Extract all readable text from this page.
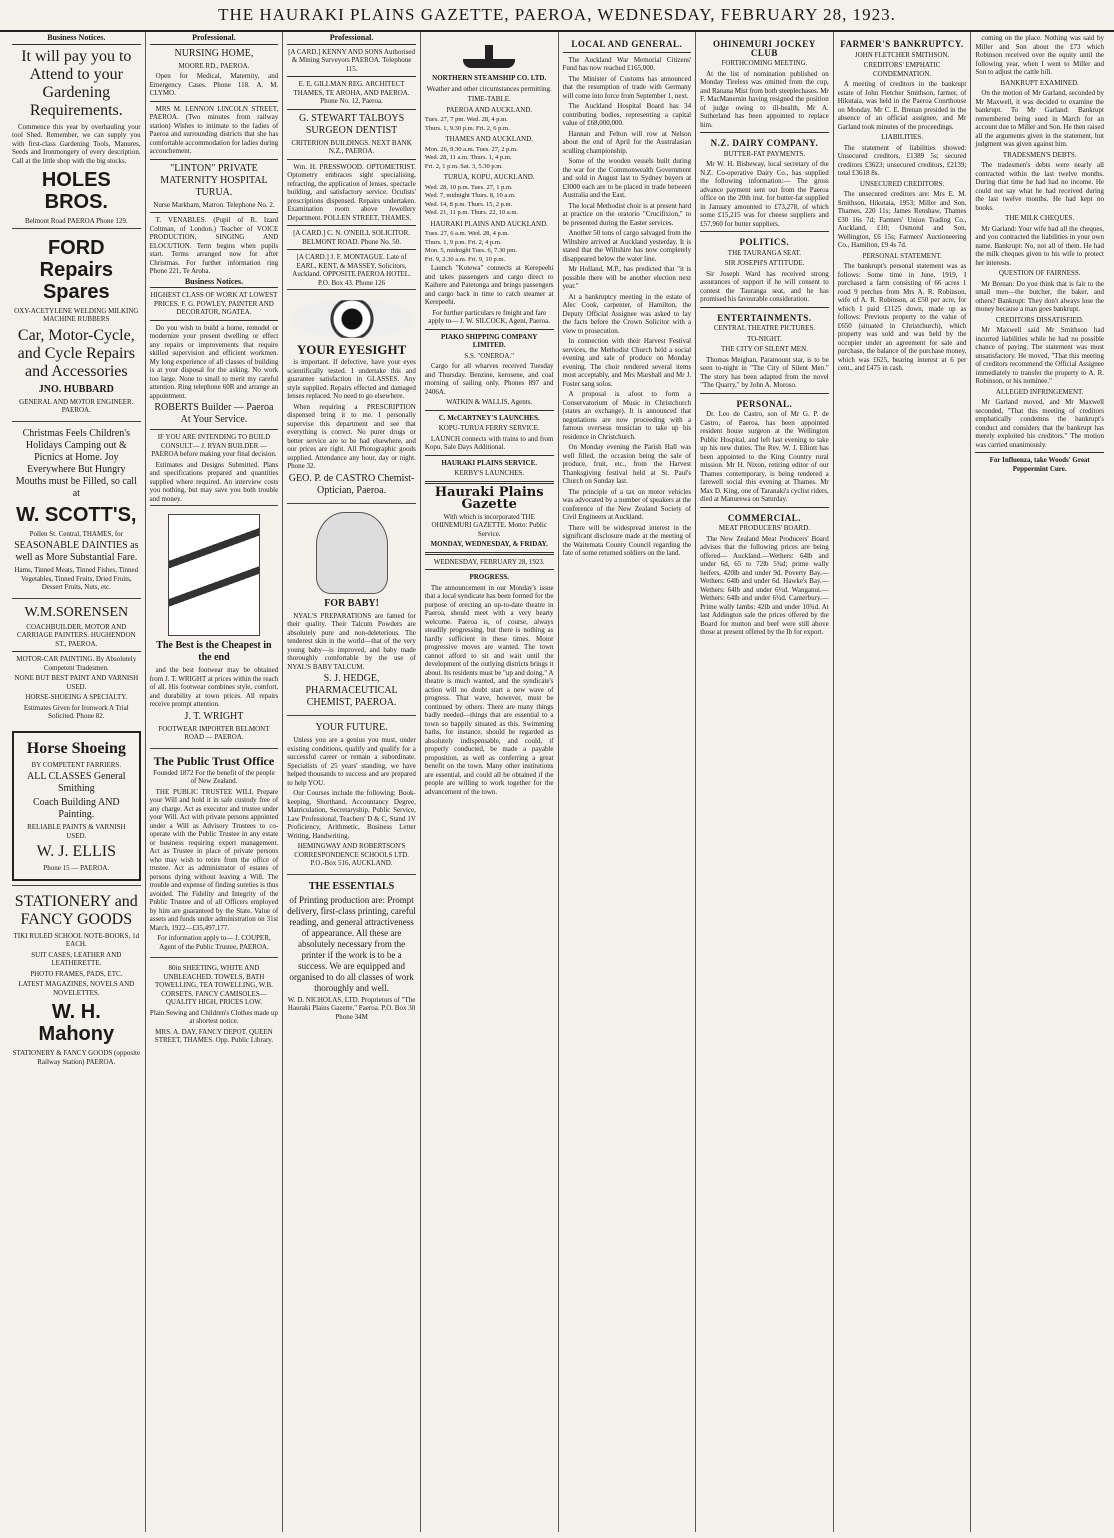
THE HAURAKI PLAINS GAZETTE, PAEROA, WEDNESDAY, FEBRUARY 28, 1923.
Business Notices.
It will pay you to Attend to your Gardening Requirements.

Commence this year by overhauling your tool Shed. Remember, we can supply you with first-class Gardening Tools, Manures, Seeds and Ironmongery of every description. Call at the little shop with the big stocks.

HOLES BROS.
Belmont Road PAEROA Phone 129.
FORD Repairs Spares
OXY-ACETYLENE WELDING MILKING MACHINE RUBBERS
Car, Motor-Cycle, and Cycle Repairs and Accessories
JNO. HUBBARD
GENERAL AND MOTOR ENGINEER. PAEROA.
Christmas Feels Children's Holidays Camping out & Picnics at Home. Joy Everywhere But Hungry Mouths must be Filled, so call at
W. SCOTT'S,
Pollen St. Central, THAMES, for
SEASONABLE DAINTIES as well as More Substantial Fare.
Hams, Tinned Meats, Tinned Fishes, Tinned Vegetables, Tinned Fruits, Dried Fruits, Dessert Fruits, Nuts, etc.
W.M.SORENSEN
COACHBUILDER, MOTOR AND CARRIAGE PAINTERS. HUGHENDON ST., PAEROA.
MOTOR-CAR PAINTING. By Absolutely Competent Tradesmen.
NONE BUT BEST PAINT AND VARNISH USED.
HORSE-SHOEING A SPECIALTY.
Estimates Given for Ironwork A Trial Solicited. Phone 82.
Horse Shoeing
BY COMPETENT FARRIERS.
ALL CLASSES General Smithing
Coach Building AND Painting.
RELIABLE PAINTS & VARNISH USED.
W. J. ELLIS
Phone 15 — PAEROA.
STATIONERY and FANCY GOODS
TIKI RULED SCHOOL NOTE-BOOKS, 1d EACH.
SUIT CASES, LEATHER AND LEATHERETTE.
PHOTO FRAMES, PADS, ETC.
LATEST MAGAZINES, NOVELS AND NOVELETTES.
W. H. Mahony
STATIONERY & FANCY GOODS (opposite Railway Station) PAEROA.
Professional.
NURSING HOME,
MOORE RD., PAEROA.

Open for Medical, Maternity, and Emergency Cases. Phone 118. A. M. CLYMO.

MRS M. LENNON LINCOLN STREET, PAEROA. (Two minutes from railway station) Wishes to intimate to the ladies of Paeroa and surrounding districts that she has comfortable accommodation for ladies during accouchement.

"LINTON" PRIVATE MATERNITY HOSPITAL TURUA.
Nurse Markham, Matron. Telephone No. 2.

T. VENABLES. (Pupil of R. Izard Coltman, of London.) Teacher of VOICE PRODUCTION, SINGING AND ELOCUTION. Term begins when pupils start. Terms arranged now for after Christmas. For further information ring Phone 221, Te Aroha.

Business Notices.
HIGHEST CLASS OF WORK AT LOWEST PRICES. F. G. POWLEY, PAINTER AND DECORATOR, NGATEA.

Do you wish to build a home, remodel or modernize your present dwelling or effect any repairs or improvements that require skilled supervision and efficient workmen. My long experience of all classes of building is at your disposal for the asking. No work too large. None to small to merit my careful attention. Ring telephone 60R and arrange an appointment.

ROBERTS Builder — Paeroa At Your Service.
IF YOU ARE INTENDING TO BUILD CONSULT— J. RYAN BUILDER — PAEROA before making your final decision.

Estimates and Designs Submitted. Plans and specifications prepared and quantities supplied where required. An interview costs you nothing, but may save you both trouble and money.

The Best is the Cheapest in the end

and the best footwear may be obtained from J. T. WRIGHT at prices within the reach of all. His footwear combines style, comfort, and durability at town prices. All repairs receive prompt attention.

J. T. WRIGHT
FOOTWEAR IMPORTER BELMONT ROAD — PAEROA.
The Public Trust Office
Founded 1872 For the benefit of the people of New Zealand.

THE PUBLIC TRUSTEE WILL Prepare your Will and hold it in safe custody free of any charge. Act as executor and trustee under your Will. Act with private persons appointed under a Will as Advisory Trustees to co-operate with the Public Trustee in any estate or business requiring expert management. Act as Trustee in place of private persons who may wish to retire from the office of trustee. Act as administrator of estates of persons dying without leaving a Will. The trouble and expense of finding sureties is thus avoided. The Fidelity and Integrity of the Public Trustee and of all Officers employed by him are guaranteed by the State. Value of assets and funds under administration on 31st March, 1922—£35,497,177.

For information apply to— J. COUPER, Agent of the Public Trustee, PAEROA.
80in SHEETING, WHITE AND UNBLEACHED. TOWELS, BATH TOWELLING, TEA TOWELLING, W.B. CORSETS. FANCY CAMISOLES—QUALITY HIGH, PRICES LOW.
Plain Sewing and Children's Clothes made up at shortest notice.
MRS. A. DAY, FANCY DEPOT. QUEEN STREET, THAMES. Opp. Public Library.
Professional.
[A CARD.] KENNY AND SONS Authorised & Mining Surveyors PAEROA. Telephone 115.
E. E. GILLMAN REG. ARCHITECT THAMES, TE AROHA, AND PAEROA. Phone No. 12, Paeroa.
G. STEWART TALBOYS SURGEON DENTIST
CRITERION BUILDINGS. NEXT BANK N.Z., PAEROA.

Wm. H. PRESSWOOD. OPTOMETRIST. Optometry embraces sight specialising, refracting, the application of lenses, spectacle building, and satisfactory service. Oculists' prescriptions dispensed. Repairs undertaken. Examination room above Jewellery Department. POLLEN STREET, THAMES.

[A CARD.] C. N. O'NEILL SOLICITOR. BELMONT ROAD. Phone No. 50.
[A CARD.] J. F. MONTAGUE. Late of EARL, KENT, & MASSEY, Solicitors, Auckland. OPPOSITE PAEROA HOTEL. P.O. Box 43. Phone 126
YOUR EYESIGHT

is important. If defective, have your eyes scientifically tested. I undertake this and guarantee satisfaction in GLASSES. Any style supplied. Repairs effected and damaged lenses replaced. No need to go elsewhere.

When requiring a PRESCRIPTION dispensed bring it to me. I personally supervise this department and see that everything is correct. No purer drugs or better service are to be had elsewhere, and our prices are right. All Photographic goods supplied. Attendance any hour, day or night. Phone 32.

GEO. P. de CASTRO Chemist-Optician, Paeroa.
FOR BABY!

NYAL'S PREPARATIONS are famed for their quality. Their Talcum Powders are absolutely pure and non-deleterious. The tenderest skin in the world—that of the very young baby—is improved, and baby made thoroughly comfortable by the use of NYAL'S BABY TALCUM.

S. J. HEDGE, PHARMACEUTICAL CHEMIST, PAEROA.
YOUR FUTURE.

Unless you are a genius you must, under existing conditions, qualify and qualify for a successful career or remain a subordinate. Specialists of 25 years' standing, we have helped thousands to success and are prepared to help YOU.

Our Courses include the following: Book-keeping, Shorthand, Accountancy Degree, Matriculation, Secretaryship, Public Service, Law Professional, Teachers' D & C, Stand 1V Proficiency, Arithmetic, Business Letter Writing, Handwriting.

HEMINGWAY AND ROBERTSON'S CORRESPONDENCE SCHOOLS LTD. P.O.-Box 516, AUCKLAND.
THE ESSENTIALS
of Printing production are: Prompt delivery, first-class printing, careful reading, and general attractiveness of appearance. All these are absolutely necessary from the printer if the work is to be a success. We are equipped and organised to do all classes of work thoroughly and well.
W. D. NICHOLAS, LTD. Proprietors of "The Hauraki Plains Gazette," Paeroa. P.O. Box 30 Phone 34M
NORTHERN STEAMSHIP CO. LTD.
Weather and other circumstances permitting.
TIME-TABLE.
PAEROA AND AUCKLAND.
Tues. 27, 7 pm. Wed. 28, 4 p.m.
Thurs. 1, 9.30 p.m. Fri. 2, 6 p.m.
THAMES AND AUCKLAND.
Mon. 26, 9.30 a.m. Tues. 27, 2 p.m.
Wed. 28, 11 a.m. Thurs. 1, 4 p.m.
Fri. 2, 1 p.m. Sat. 3, 5.30 p.m.
TURUA, KOPU, AUCKLAND.
Wed. 28, 10 p.m. Tues. 27, 1 p.m.
Wed. 7, midnight Thurs. 8, 10 a.m.
Wed. 14, 8 p.m. Thurs. 15, 2 p.m.
Wed. 21, 11 p.m. Thurs. 22, 10 a.m.
HAURAKI PLAINS AND AUCKLAND.
Tues. 27, 6 a.m. Wed. 28, 4 p.m.
Thurs. 1, 9 p.m. Fri. 2, 4 p.m.
Mon. 5, midnight Tues. 6, 7.30 pm.
Fri. 9, 2.30 a.m. Fri. 9, 10 p.m.

Launch "Kotewa" connects at Kerepeehi and takes passengers and cargo direct to Kaihere and Patetonga and brings passengers and cargo back in time to catch steamer at Kerepeehi.

For further particulars re freight and fare apply to— J. W. SILCOCK, Agent, Paeroa.
PIAKO SHIPPING COMPANY LIMITED.
S.S. "ONEROA."

Cargo for all wharves received Tuesday and Thursday. Benzine, kerosene, and coal morning of sailing only. Phones 897 and 2406A.

WATKIN & WALLIS, Agents.
C. McCARTNEY'S LAUNCHES.
KOPU-TURUA FERRY SERVICE.

LAUNCH connects with trains to and from Kopu. Sale Days Additional.

HAURAKI PLAINS SERVICE.
KERBY'S LAUNCHES.
Hauraki Plains Gazette
With which is incorporated THE OHINEMURI GAZETTE. Motto: Public Service.
MONDAY, WEDNESDAY, & FRIDAY.
WEDNESDAY, FEBRUARY 28, 1923.
PROGRESS.

The announcement in our Monday's issue that a local syndicate has been formed for the purpose of erecting an up-to-date theatre in Paeroa, should meet with a very hearty welcome. Paeroa is, of course, always steadily progressing, but there is nothing as hardly sufficient in these times. Motor progressive moves are wanted. The town cannot afford to sit and wait until the development of the outlying districts brings it about. Its residents must be "up and doing." A theatre is much wanted, and the syndicate's action will no doubt start a new wave of progress. That wave, however, must be continued by others. There are many things badly needed—things that are essential to a town so happily situated as this. Swimming baths, for instance, should be regarded as absolutely indispensable, and could, if properly conducted, be made a payable proposition, as well as conferring a great benefit on the town. Many other institutions are essential, and could all be obtained if the people are willing to work together for the advancement of the town.

LOCAL AND GENERAL.

The Auckland War Memorial Citizens' Fund has now reached £165,000.

The Minister of Customs has announced that the resumption of trade with Germany will come into force from September 1, next.

The Auckland Hospital Board has 34 contributing bodies, representing a capital value of £68,000,000.

Hannan and Felton will row at Nelson about the end of April for the Australasian sculling championship.

Some of the wooden vessels built during the war for the Commonwealth Government and sold in August last to Sydney buyers at £3000 each are to be placed in trade between Australia and the East.

The local Methodist choir is at present hard at practice on the oratorio "Crucifixion," to be presented during the Easter services.

Another 50 tons of cargo salvaged from the Wiltshire arrived at Auckland yesterday. It is stated that the Wiltshire has now completely disappeared below the water line.

Mr Holland, M.P., has predicted that "it is possible there will be another election next year."

At a bankruptcy meeting in the estate of Alec Cook, carpenter, of Hamilton, the Deputy Official Assignee was asked to lay the facts before the Crown Solicitor with a view to prosecution.

In connection with their Harvest Festival services, the Methodist Church held a social evening and sale of produce on Monday evening. The choir rendered several items most acceptably, and Mrs Marshall and Mr J. Foster sang solos.

A proposal is afoot to form a Conservatorium of Music in Christchurch (states an exchange). It is announced that negotiations are now proceeding with a famous overseas musician to take up his residence in Christchurch.

On Monday evening the Parish Hall was well filled, the occasion being the sale of produce, fruit, etc., from the Harvest Thanksgiving festival held at St. Paul's Church on Sunday last.

The principle of a tax on motor vehicles was advocated by a number of speakers at the conference of the New Zealand Society of Civil Engineers at Auckland.

There will be widespread interest in the significant disclosure made at the meeting of the Waitemata County Council regarding the fate of some returned soldiers on the land.

OHINEMURI JOCKEY CLUB
FORTHCOMING MEETING.

At the list of nomination published on Monday Tireless was omitted from the cup, and Ranana Mist from both steeplechases. Mr F. MacManemin having resigned the position of judge owing to ill-health, Mr A. Sutherland has been appointed to replace him.

N.Z. DAIRY COMPANY.
BUTTER-FAT PAYMENTS.

Mr W. H. Bisheway, local secretary of the N.Z. Co-operative Dairy Co., has supplied the following information:— The gross advance payment sent out from the Paeroa office on the 20th inst. for butter-fat supplied in January amounted to £73,278, of which some £15,215 was for cheese suppliers and £57,960 for butter suppliers.

POLITICS.
THE TAURANGA SEAT.
SIR JOSEPH'S ATTITUDE.

Sir Joseph Ward has received strong assurances of support if he will consent to contest the Tauranga seat, and he has promised his favourable consideration.

ENTERTAINMENTS.
CENTRAL THEATRE PICTURES.
TO-NIGHT.
THE CITY OF SILENT MEN.

Thomas Meighan, Paramount star, is to be seen to-night in "The City of Silent Men." The story has been adapted from the novel "The Quarry," by John A. Moroso.

PERSONAL.

Dr. Leo de Castro, son of Mr G. P. de Castro, of Paeroa, has been appointed resident house surgeon at the Wellington Public Hospital, and left last evening to take up his new duties. The Rev. W. J. Elliott has been appointed to the King Country rural mission. Mr H. Nixon, retiring editor of our Thames contemporary, is being tendered a farewell social this evening at Thames. Mr Max D. King, one of Taranaki's cyclist riders, died at Manurewa on Saturday.

COMMERCIAL.
MEAT PRODUCERS' BOARD.

The New Zealand Meat Producers' Board advises that the following prices are being offered— Auckland.—Wethers: 64lb and under 6d, 65 to 72lb 5¾d; prime wally heifers, 420lb and under 9d. Poverty Bay.—Wethers: 64lb and under 6d. Hawke's Bay.—Wethers: 64lb and under 6½d. Wanganui.—Wethers: 64lb and under 6¼d. Canterbury.—Prime wally lambs: 42lb and under 10¾d. At last Addington sale the prices offered by the Board for mutton and beef were still above those at present offered by the Ib for export.

FARMER'S BANKRUPTCY.
JOHN FLETCHER SMITHSON.
CREDITORS' EMPHATIC CONDEMNATION.

A meeting of creditors in the bankrupt estate of John Fletcher Smithson, farmer, of Hikutaia, was held in the Paeroa Courthouse on Monday. Mr C. E. Brenan presided in the absence of an official assignee, and Mr Garland took minutes of the proceedings.

LIABILITIES.

The statement of liabilities showed: Unsecured creditors, £1389 5s; secured creditors £3623; unsecured creditors, £2139; total £3618 8s.

UNSECURED CREDITORS.

The unsecured creditors are: Mrs E. M. Smithson, Hikutaia, 1953; Miller and Son, Thames, 220 11s; James Renshaw, Thames £30 16s 7d; Farmers' Union Trading Co., Auckland, £10; Osmond and Son, Wellington, £6 15s; Farmers' Auctioneering Co., Hamilton, £9 4s 7d.

PERSONAL STATEMENT.

The bankrupt's personal statement was as follows: Some time in June, 1919, I purchased a farm consisting of 66 acres 1 rood 9 perches from Mrs A. R. Robinson, wife of A. R. Robinson, at £50 per acre, for which I paid £1125 down, made up as follows: Previous property to the value of £650 (situated in Christchurch), which property was sold and was held by the occupier under an agreement for sale and purchase, the balance of the purchase money, which was £625, bearing interest at 6 per cent., and £475 in cash.

coming on the place. Nothing was said by Miller and Son about the £73 which Robinson received over the equity until the following year, when I went to Miller and Son to adjust the cattle bill.

BANKRUPT EXAMINED.

On the motion of Mr Garland, seconded by Mr Maxwell, it was decided to examine the bankrupt. To Mr Garland: Bankrupt remembered being sued in March for an account due to Miller and Son. He then raised all the arguments given in the statement, but judgment was given against him.

TRADESMEN'S DEBTS.

The tradesmen's debts were nearly all contracted within the last twelve months. During that time he had had no income. He could not say what he had received during the last twelve months. He had kept no books.

THE MILK CHEQUES.

Mr Garland: Your wife had all the cheques, and you contracted the liabilities in your own name. Bankrupt: No, not all of them. He had the milk cheques given to his wife to protect her interests.

QUESTION OF FAIRNESS.

Mr Brenan: Do you think that is fair to the small men—the butcher, the baker, and others? Bankrupt: They don't always lose the money because a man goes bankrupt.

CREDITORS DISSATISFIED.

Mr Maxwell said Mr Smithson had incurred liabilities while he had no possible chance of paying. The statement was most unsatisfactory. He moved, "That this meeting of creditors recommend the Official Assignee immediately to transfer the property to A. R. Robinson, or his nominee."

ALLEGED INFRINGEMENT.

Mr Garland moved, and Mr Maxwell seconded, "That this meeting of creditors emphatically condemns the bankrupt's conduct and considers that the bankrupt has merely exploited his creditors." The motion was carried unanimously.

For Influenza, take Woods' Great Peppermint Cure.
